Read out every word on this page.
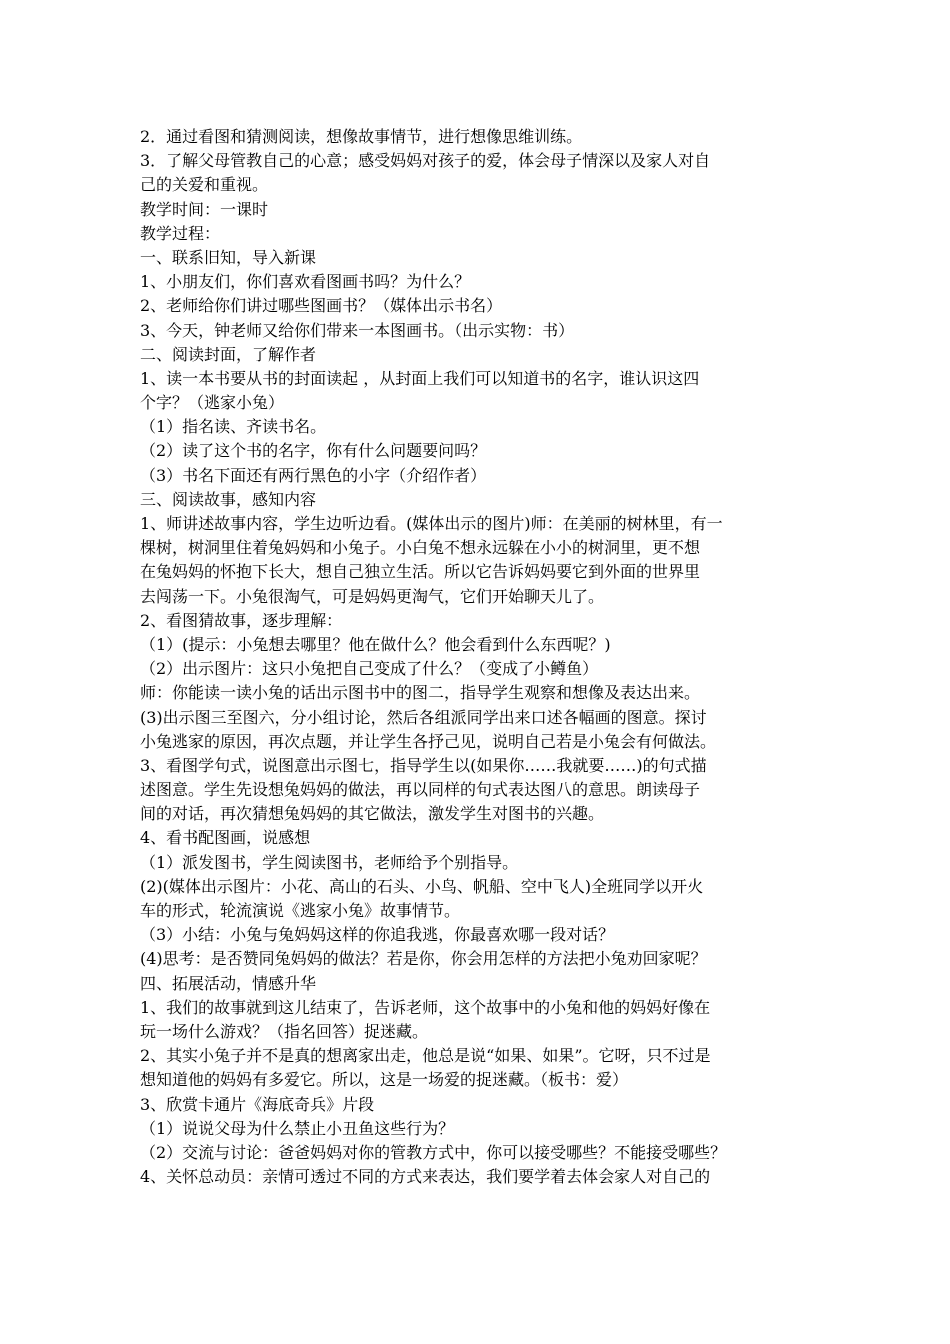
2．通过看图和猜测阅读，想像故事情节，进行想像思维训练。
3．了解父母管教自己的心意；感受妈妈对孩子的爱，体会母子情深以及家人对自
己的关爱和重视。
教学时间：一课时
教学过程：
一、联系旧知，导入新课
1、小朋友们，你们喜欢看图画书吗？为什么？
2、老师给你们讲过哪些图画书？（媒体出示书名）
3、今天，钟老师又给你们带来一本图画书。（出示实物：书）
二、阅读封面，了解作者
1、读一本书要从书的封面读起 ，从封面上我们可以知道书的名字，谁认识这四
个字？（逃家小兔）
（1）指名读、齐读书名。
（2）读了这个书的名字，你有什么问题要问吗？
（3）书名下面还有两行黑色的小字（介绍作者）
三、阅读故事，感知内容
1、师讲述故事内容，学生边听边看。(媒体出示的图片)师：在美丽的树林里，有一
棵树，树洞里住着兔妈妈和小兔子。小白兔不想永远躲在小小的树洞里，更不想
在兔妈妈的怀抱下长大，想自己独立生活。所以它告诉妈妈要它到外面的世界里
去闯荡一下。小兔很淘气，可是妈妈更淘气，它们开始聊天儿了。
2、看图猜故事，逐步理解：
（1）(提示：小兔想去哪里？他在做什么？他会看到什么东西呢？)
（2）出示图片：这只小兔把自己变成了什么？（变成了小鳟鱼）
师：你能读一读小兔的话出示图书中的图二，指导学生观察和想像及表达出来。
(3)出示图三至图六，分小组讨论，然后各组派同学出来口述各幅画的图意。探讨
小兔逃家的原因，再次点题，并让学生各抒己见，说明自己若是小兔会有何做法。
3、看图学句式，说图意出示图七，指导学生以(如果你……我就要……)的句式描
述图意。学生先设想兔妈妈的做法，再以同样的句式表达图八的意思。朗读母子
间的对话，再次猜想兔妈妈的其它做法，激发学生对图书的兴趣。
4、看书配图画，说感想
（1）派发图书，学生阅读图书，老师给予个别指导。
(2)(媒体出示图片：小花、高山的石头、小鸟、帆船、空中飞人)全班同学以开火
车的形式，轮流演说《逃家小兔》故事情节。
（3）小结：小兔与兔妈妈这样的你追我逃，你最喜欢哪一段对话？
(4)思考：是否赞同兔妈妈的做法？若是你，你会用怎样的方法把小兔劝回家呢？
四、拓展活动，情感升华
1、我们的故事就到这儿结束了，告诉老师，这个故事中的小兔和他的妈妈好像在
玩一场什么游戏？（指名回答）捉迷藏。
2、其实小兔子并不是真的想离家出走，他总是说“如果、如果”。它呀，只不过是
想知道他的妈妈有多爱它。所以，这是一场爱的捉迷藏。（板书：爱）
3、欣赏卡通片《海底奇兵》片段
（1）说说父母为什么禁止小丑鱼这些行为？
（2）交流与讨论：爸爸妈妈对你的管教方式中，你可以接受哪些？不能接受哪些？
4、关怀总动员：亲情可透过不同的方式来表达，我们要学着去体会家人对自己的
